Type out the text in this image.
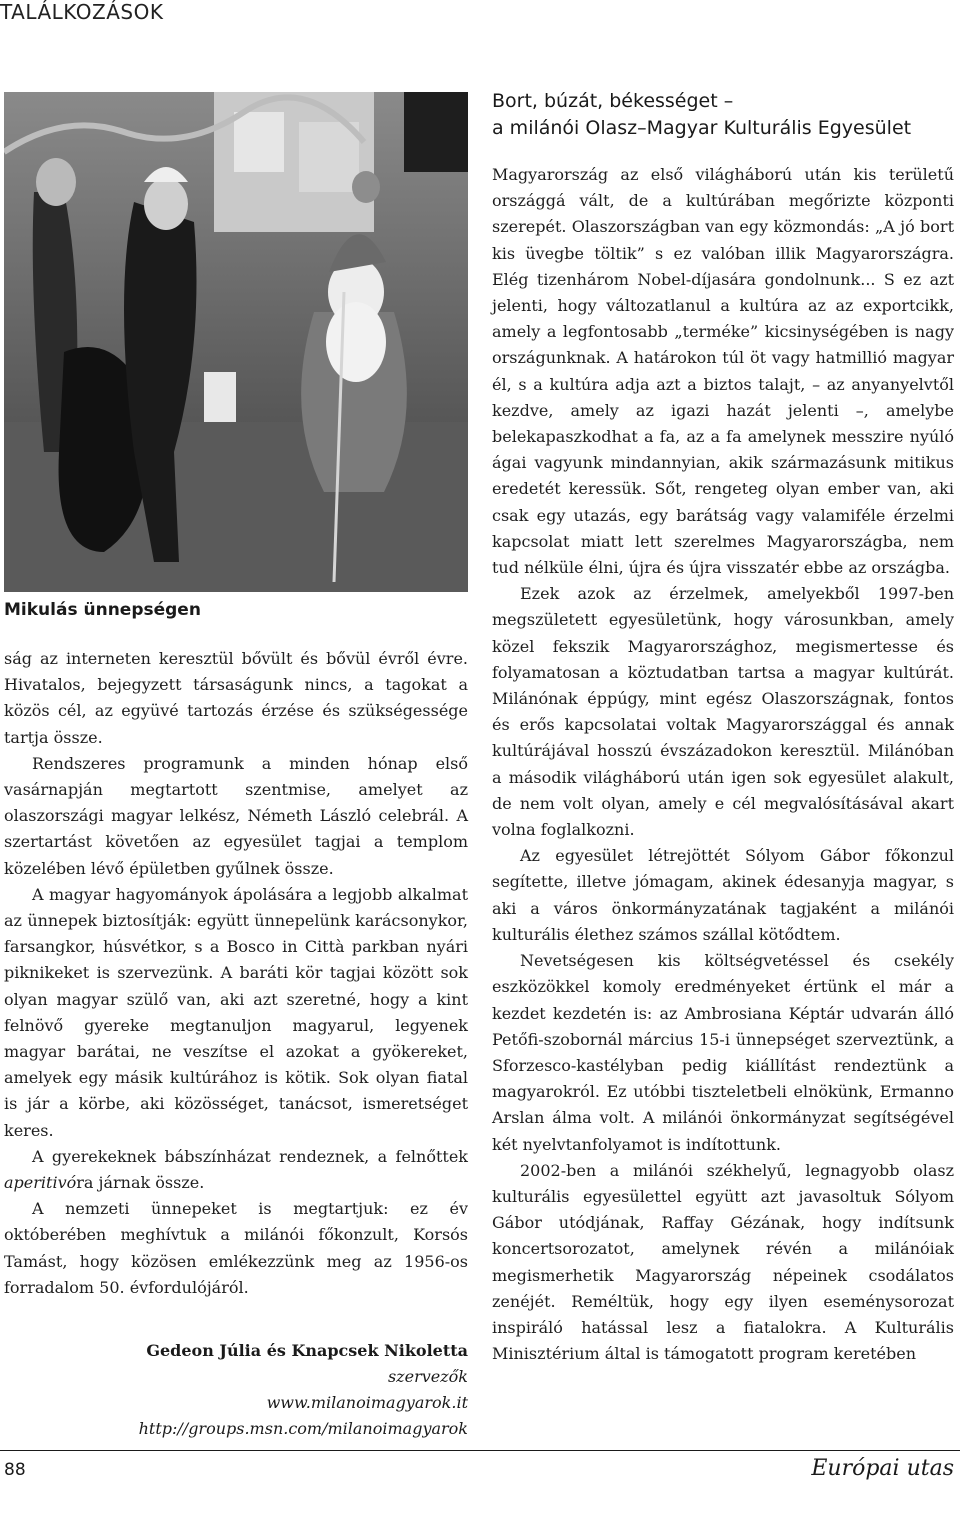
TALÁLKOZÁSOK
Mikulás ünnepségen

ság az interneten keresztül bővült és bővül évről évre. Hivatalos, bejegyzett társaságunk nincs, a tagokat a közös cél, az együvé tartozás érzése és szükségessége tartja össze.

Rendszeres programunk a minden hónap első vasárnapján megtartott szentmise, amelyet az olaszországi magyar lelkész, Németh László celebrál. A szertartást követően az egyesület tagjai a templom közelében lévő épületben gyűlnek össze.

A magyar hagyományok ápolására a legjobb alkalmat az ünnepek biztosítják: együtt ünnepelünk karácsonykor, farsangkor, húsvétkor, s a Bosco in Città parkban nyári piknikeket is szervezünk. A baráti kör tagjai között sok olyan magyar szülő van, aki azt szeretné, hogy a kint felnövő gyereke megtanuljon magyarul, legyenek magyar barátai, ne veszítse el azokat a gyökereket, amelyek egy másik kultúrához is kötik. Sok olyan fiatal is jár a körbe, aki közösséget, tanácsot, ismeretséget keres.

A gyerekeknek bábszínházat rendeznek, a felnőttek aperitivóra járnak össze.

A nemzeti ünnepeket is megtartjuk: ez év októberében meghívtuk a milánói főkonzult, Korsós Tamást, hogy közösen emlékezzünk meg az 1956-os forradalom 50. évfordulójáról.

Gedeon Júlia és Knapcsek Nikoletta
szervezők
www.milanoimagyarok.it
http://groups.msn.com/milanoimagyarok
Bort, búzát, békességet –
a milánói Olasz–Magyar Kulturális Egyesület

Magyarország az első világháború után kis területű országgá vált, de a kultúrában megőrizte központi szerepét. Olaszországban van egy közmondás: „A jó bort kis üvegbe töltik” s ez valóban illik Magyarországra. Elég tizenhárom Nobel-díjasára gondolnunk... S ez azt jelenti, hogy változatlanul a kultúra az az exportcikk, amely a legfontosabb „terméke” kicsinységében is nagy országunknak. A határokon túl öt vagy hatmillió magyar él, s a kultúra adja azt a biztos talajt, – az anyanyelvtől kezdve, amely az igazi hazát jelenti –, amelybe belekapaszkodhat a fa, az a fa amelynek messzire nyúló ágai vagyunk mindannyian, akik származásunk mitikus eredetét keressük. Sőt, rengeteg olyan ember van, aki csak egy utazás, egy barátság vagy valamiféle érzelmi kapcsolat miatt lett szerelmes Magyarországba, nem tud nélküle élni, újra és újra visszatér ebbe az országba.

Ezek azok az érzelmek, amelyekből 1997-ben megszületett egyesületünk, hogy városunkban, amely közel fekszik Magyarországhoz, megismertesse és folyamatosan a köztudatban tartsa a magyar kultúrát. Milánónak éppúgy, mint egész Olaszországnak, fontos és erős kapcsolatai voltak Magyarországgal és annak kultúrájával hosszú évszázadokon keresztül. Milánóban a második világháború után igen sok egyesület alakult, de nem volt olyan, amely e cél megvalósításával akart volna foglalkozni.

Az egyesület létrejöttét Sólyom Gábor főkonzul segítette, illetve jómagam, akinek édesanyja magyar, s aki a város önkormányzatának tagjaként a milánói kulturális élethez számos szállal kötődtem.

Nevetségesen kis költségvetéssel és csekély eszközökkel komoly eredményeket értünk el már a kezdet kezdetén is: az Ambrosiana Képtár udvarán álló Petőfi-szobornál március 15-i ünnepséget szerveztünk, a Sforzesco-kastélyban pedig kiállítást rendeztünk a magyarokról. Ez utóbbi tiszteletbeli elnökünk, Ermanno Arslan álma volt. A milánói önkormányzat segítségével két nyelvtanfolyamot is indítottunk.

2002-ben a milánói székhelyű, legnagyobb olasz kulturális egyesülettel együtt azt javasoltuk Sólyom Gábor utódjának, Raffay Gézának, hogy indítsunk koncertsorozatot, amelynek révén a milánóiak megismerhetik Magyarország népeinek csodálatos zenéjét. Reméltük, hogy egy ilyen eseménysorozat inspiráló hatással lesz a fiatalokra. A Kulturális Minisztérium által is támogatott program keretében

88	Európai utas
